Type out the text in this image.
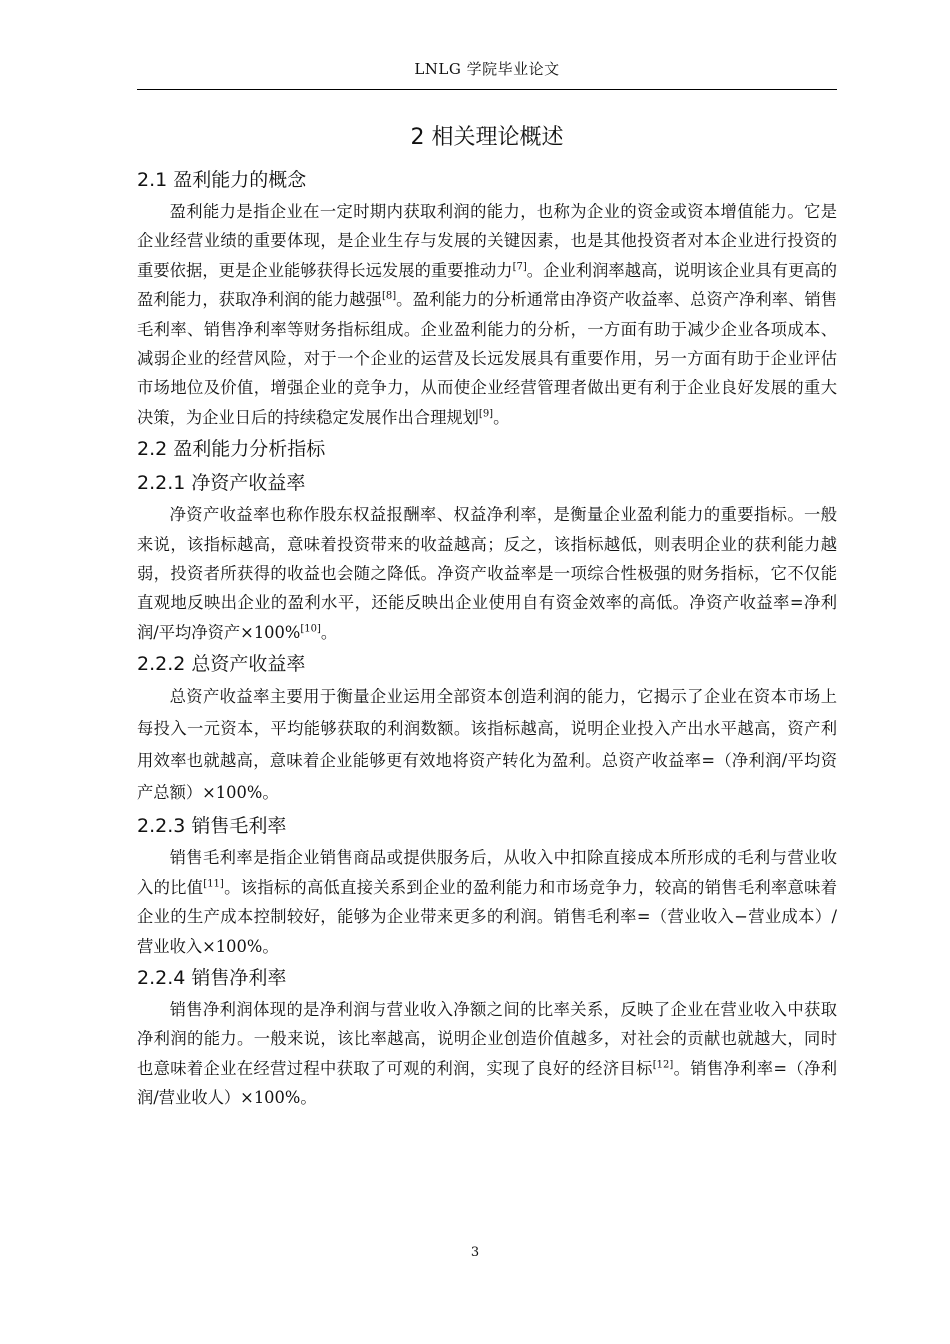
LNLG 学院毕业论文
2 相关理论概述
2.1 盈利能力的概念

盈利能力是指企业在一定时期内获取利润的能力，也称为企业的资金或资本增值能力。它是企业经营业绩的重要体现，是企业生存与发展的关键因素，也是其他投资者对本企业进行投资的重要依据，更是企业能够获得长远发展的重要推动力[7]。企业利润率越高，说明该企业具有更高的盈利能力，获取净利润的能力越强[8]。盈利能力的分析通常由净资产收益率、总资产净利率、销售毛利率、销售净利率等财务指标组成。企业盈利能力的分析，一方面有助于减少企业各项成本、减弱企业的经营风险，对于一个企业的运营及长远发展具有重要作用，另一方面有助于企业评估市场地位及价值，增强企业的竞争力，从而使企业经营管理者做出更有利于企业良好发展的重大决策，为企业日后的持续稳定发展作出合理规划[9]。

2.2 盈利能力分析指标
2.2.1 净资产收益率

净资产收益率也称作股东权益报酬率、权益净利率，是衡量企业盈利能力的重要指标。一般来说，该指标越高，意味着投资带来的收益越高；反之，该指标越低，则表明企业的获利能力越弱，投资者所获得的收益也会随之降低。净资产收益率是一项综合性极强的财务指标，它不仅能直观地反映出企业的盈利水平，还能反映出企业使用自有资金效率的高低。净资产收益率=净利润/平均净资产×100%[10]。

2.2.2 总资产收益率

总资产收益率主要用于衡量企业运用全部资本创造利润的能力，它揭示了企业在资本市场上每投入一元资本，平均能够获取的利润数额。该指标越高，说明企业投入产出水平越高，资产利用效率也就越高，意味着企业能够更有效地将资产转化为盈利。总资产收益率=（净利润/平均资产总额）×100%。

2.2.3 销售毛利率

销售毛利率是指企业销售商品或提供服务后，从收入中扣除直接成本所形成的毛利与营业收入的比值[11]。该指标的高低直接关系到企业的盈利能力和市场竞争力，较高的销售毛利率意味着企业的生产成本控制较好，能够为企业带来更多的利润。销售毛利率=（营业收入−营业成本）/营业收入×100%。

2.2.4 销售净利率

销售净利润体现的是净利润与营业收入净额之间的比率关系，反映了企业在营业收入中获取净利润的能力。一般来说，该比率越高，说明企业创造价值越多，对社会的贡献也就越大，同时也意味着企业在经营过程中获取了可观的利润，实现了良好的经济目标[12]。销售净利率=（净利润/营业收人）×100%。

3
